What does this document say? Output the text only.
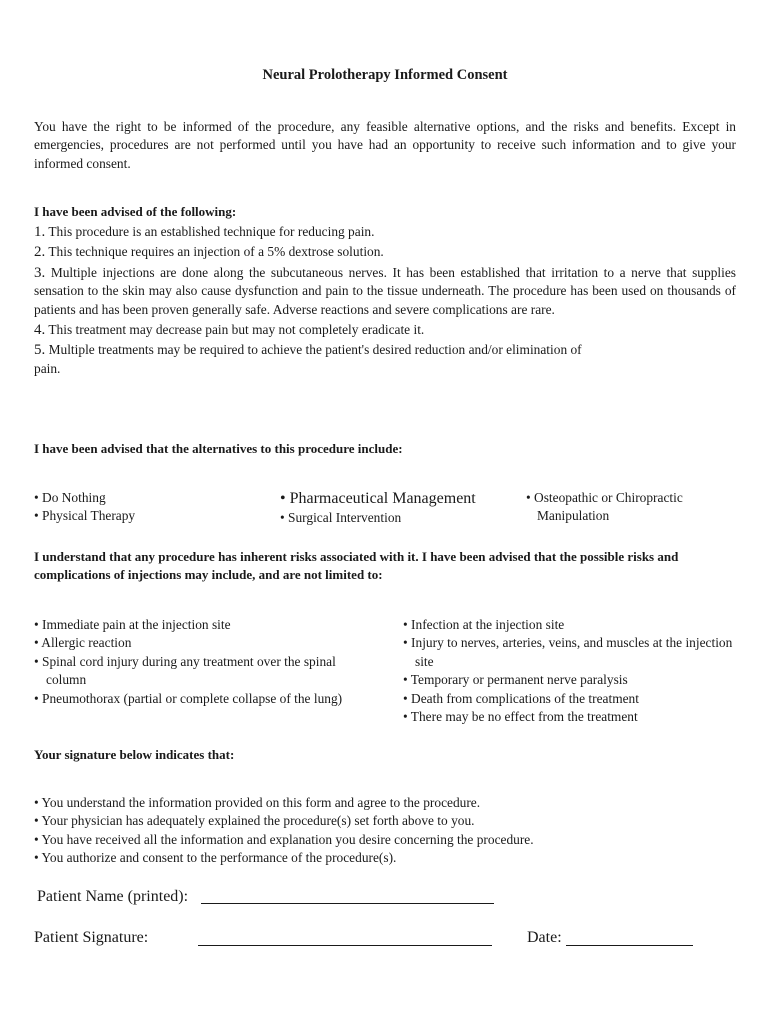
Neural Prolotherapy Informed Consent
You have the right to be informed of the procedure, any feasible alternative options, and the risks and benefits. Except in emergencies, procedures are not performed until you have had an opportunity to receive such information and to give your informed consent.
I have been advised of the following:
1. This procedure is an established technique for reducing pain.
2. This technique requires an injection of a 5% dextrose solution.
3. Multiple injections are done along the subcutaneous nerves. It has been established that irritation to a nerve that supplies sensation to the skin may also cause dysfunction and pain to the tissue underneath. The procedure has been used on thousands of patients and has been proven generally safe. Adverse reactions and severe complications are rare.
4. This treatment may decrease pain but may not completely eradicate it.
5. Multiple treatments may be required to achieve the patient's desired reduction and/or elimination of pain.
I have been advised that the alternatives to this procedure include:
• Do Nothing
• Physical Therapy
• Pharmaceutical Management
• Surgical Intervention
• Osteopathic or Chiropractic
Manipulation
I understand that any procedure has inherent risks associated with it. I have been advised that the possible risks and complications of injections may include, and are not limited to:
• Immediate pain at the injection site
• Allergic reaction
• Spinal cord injury during any treatment over the spinal column
• Pneumothorax (partial or complete collapse of the lung)
• Infection at the injection site
• Injury to nerves, arteries, veins, and muscles at the injection site
• Temporary or permanent nerve paralysis
• Death from complications of the treatment
• There may be no effect from the treatment
Your signature below indicates that:
• You understand the information provided on this form and agree to the procedure.
• Your physician has adequately explained the procedure(s) set forth above to you.
• You have received all the information and explanation you desire concerning the procedure.
• You authorize and consent to the performance of the procedure(s).
Patient Name (printed):
Patient Signature:	Date:
